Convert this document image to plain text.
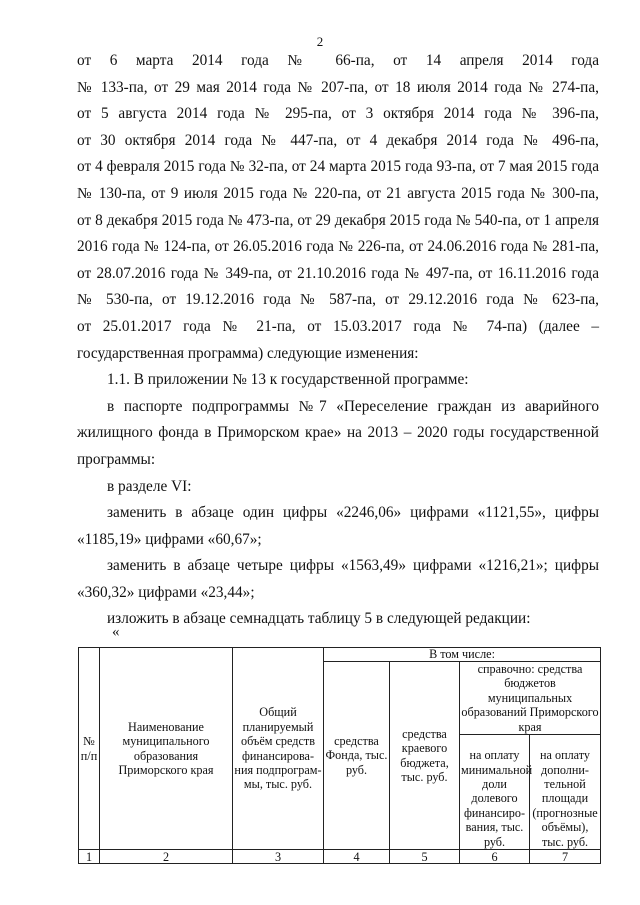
2
от 6 марта 2014 года № 66-па, от 14 апреля 2014 года
№ 133-па, от 29 мая 2014 года № 207-па, от 18 июля 2014 года № 274-па,
от 5 августа 2014 года № 295-па, от 3 октября 2014 года № 396-па,
от 30 октября 2014 года № 447-па, от 4 декабря 2014 года № 496-па,
от 4 февраля 2015 года № 32-па, от 24 марта 2015 года 93-па, от 7 мая 2015 года
№ 130-па, от 9 июля 2015 года № 220-па, от 21 августа 2015 года № 300-па,
от 8 декабря 2015 года № 473-па, от 29 декабря 2015 года № 540-па, от 1 апреля
2016 года № 124-па, от 26.05.2016 года № 226-па, от 24.06.2016 года № 281-па,
от 28.07.2016 года № 349-па, от 21.10.2016 года № 497-па, от 16.11.2016 года
№ 530-па, от 19.12.2016 года № 587-па, от 29.12.2016 года № 623-па,
от 25.01.2017 года № 21-па, от 15.03.2017 года № 74-па) (далее –
государственная программа) следующие изменения:
1.1. В приложении № 13 к государственной программе:
в паспорте подпрограммы №7 «Переселение граждан из аварийного
жилищного фонда в Приморском крае» на 2013 – 2020 годы государственной
программы:
в разделе VI:
заменить в абзаце один цифры «2246,06» цифрами «1121,55», цифры
«1185,19» цифрами «60,67»;
заменить в абзаце четыре цифры «1563,49» цифрами «1216,21»; цифры
«360,32» цифрами «23,44»;
изложить в абзаце семнадцать таблицу 5 в следующей редакции:
«
№ п/п	Наименование муниципального образования Приморского края	Общий планируемый объём средств финансирова-ния подпрограм-мы, тыс. руб.	В том числе:			
			средства Фонда, тыс. руб.	средства краевого бюджета, тыс. руб.	справочно: средства бюджетов муниципальных образований Приморского края	
					на оплату минимальной доли долевого финансиро-вания, тыс. руб.	на оплату дополни-тельной площади (прогнозные объёмы), тыс. руб.
1	2	3	4	5	6	7
